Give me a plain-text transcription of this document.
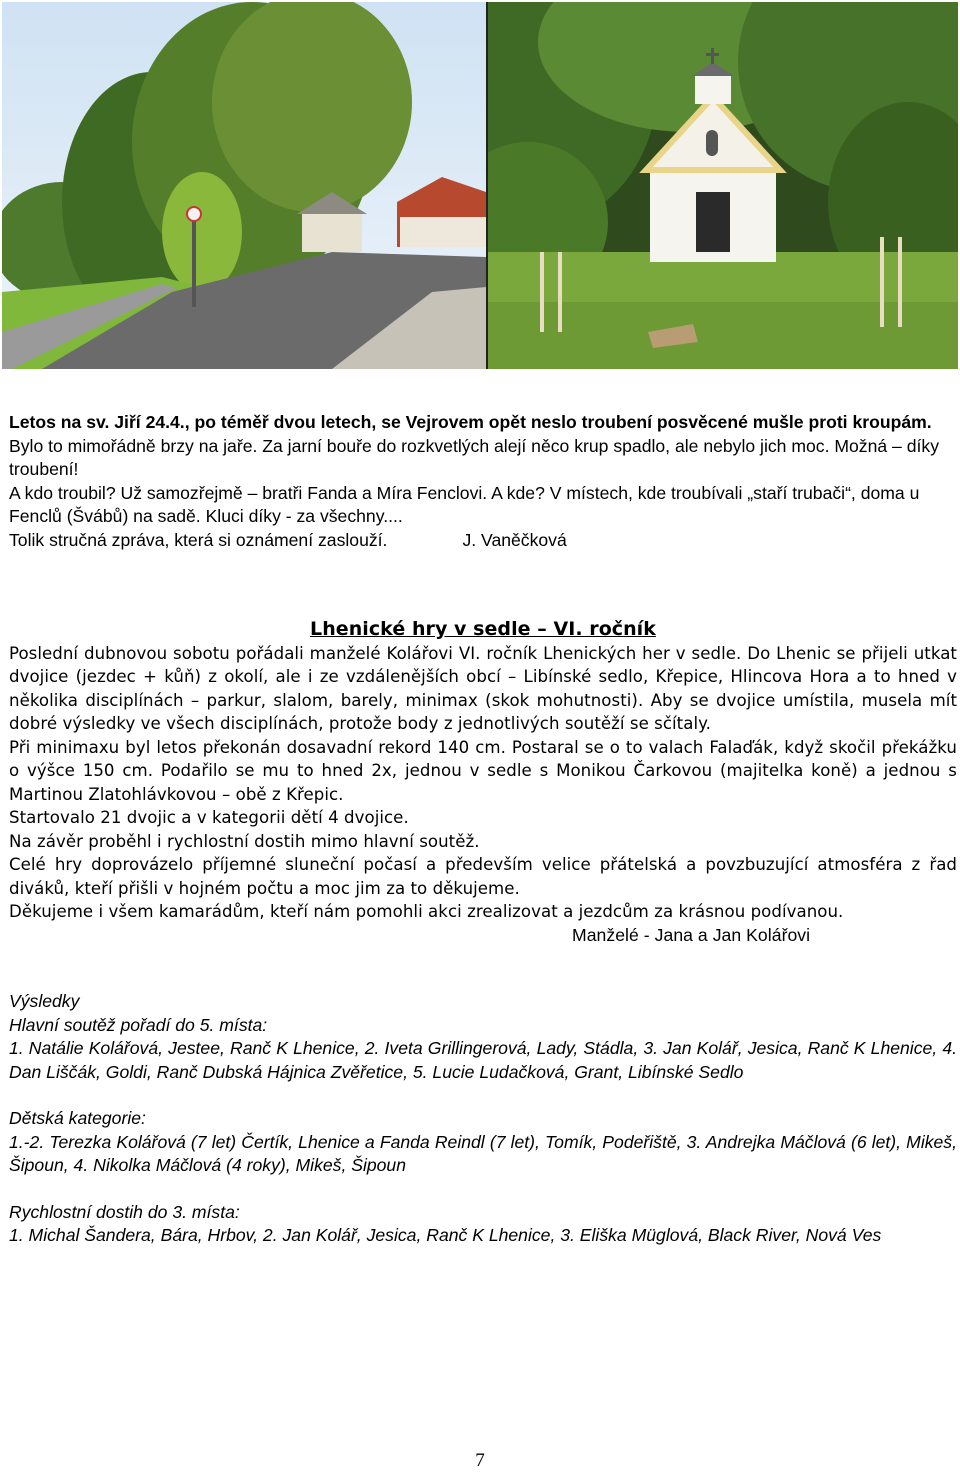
Letos na sv. Jiří 24.4., po téměř dvou letech, se Vejrovem opět neslo troubení posvěcené mušle proti kroupám.

Bylo to mimořádně brzy na jaře. Za jarní bouře do rozkvetlých alejí něco krup spadlo, ale nebylo jich moc. Možná – díky troubení!

A kdo troubil? Už samozřejmě – bratři Fanda a Míra Fenclovi. A kde? V místech, kde troubívali „staří trubači“, doma u Fenclů (Švábů) na sadě. Kluci díky - za všechny....

Tolik stručná zpráva, která si oznámení zaslouží.	J. Vaněčková

Lhenické hry v sedle – VI. ročník

Poslední dubnovou sobotu pořádali manželé Kolářovi VI. ročník Lhenických her v sedle. Do Lhenic se přijeli utkat dvojice (jezdec + kůň) z okolí, ale i ze vzdálenějších obcí – Libínské sedlo, Křepice, Hlincova Hora a to hned v několika disciplínách – parkur, slalom, barely, minimax (skok mohutnosti). Aby se dvojice umístila, musela mít dobré výsledky ve všech disciplínách, protože body z jednotlivých soutěží se sčítaly.

Při minimaxu byl letos překonán dosavadní rekord 140 cm. Postaral se o to valach Falaďák, když skočil překážku o výšce 150 cm. Podařilo se mu to hned 2x, jednou v sedle s Monikou Čarkovou (majitelka koně) a jednou s Martinou Zlatohlávkovou – obě z Křepic.

Startovalo 21 dvojic a v kategorii dětí 4 dvojice.

Na závěr proběhl i rychlostní dostih mimo hlavní soutěž.

Celé hry doprovázelo příjemné sluneční počasí a především velice přátelská a povzbuzující atmosféra z řad diváků, kteří přišli v hojném počtu a moc jim za to děkujeme.

Děkujeme i všem kamarádům, kteří nám pomohli akci zrealizovat a jezdcům za krásnou podívanou.

Manželé - Jana a Jan Kolářovi

Výsledky

Hlavní soutěž pořadí do 5. místa:

1. Natálie Kolářová, Jestee, Ranč K Lhenice, 2. Iveta Grillingerová, Lady, Stádla, 3. Jan Kolář, Jesica, Ranč K Lhenice, 4. Dan Liščák, Goldi, Ranč Dubská Hájnica Zvěřetice, 5. Lucie Ludačková, Grant, Libínské Sedlo

Dětská kategorie:

1.-2. Terezka Kolářová (7 let) Čertík, Lhenice a Fanda Reindl (7 let), Tomík, Podeřiště, 3. Andrejka Máčlová (6 let), Mikeš, Šipoun, 4. Nikolka Máčlová (4 roky), Mikeš, Šipoun

Rychlostní dostih do 3. místa:

1. Michal Šandera, Bára, Hrbov, 2. Jan Kolář, Jesica, Ranč K Lhenice, 3. Eliška Müglová, Black River, Nová Ves

7
